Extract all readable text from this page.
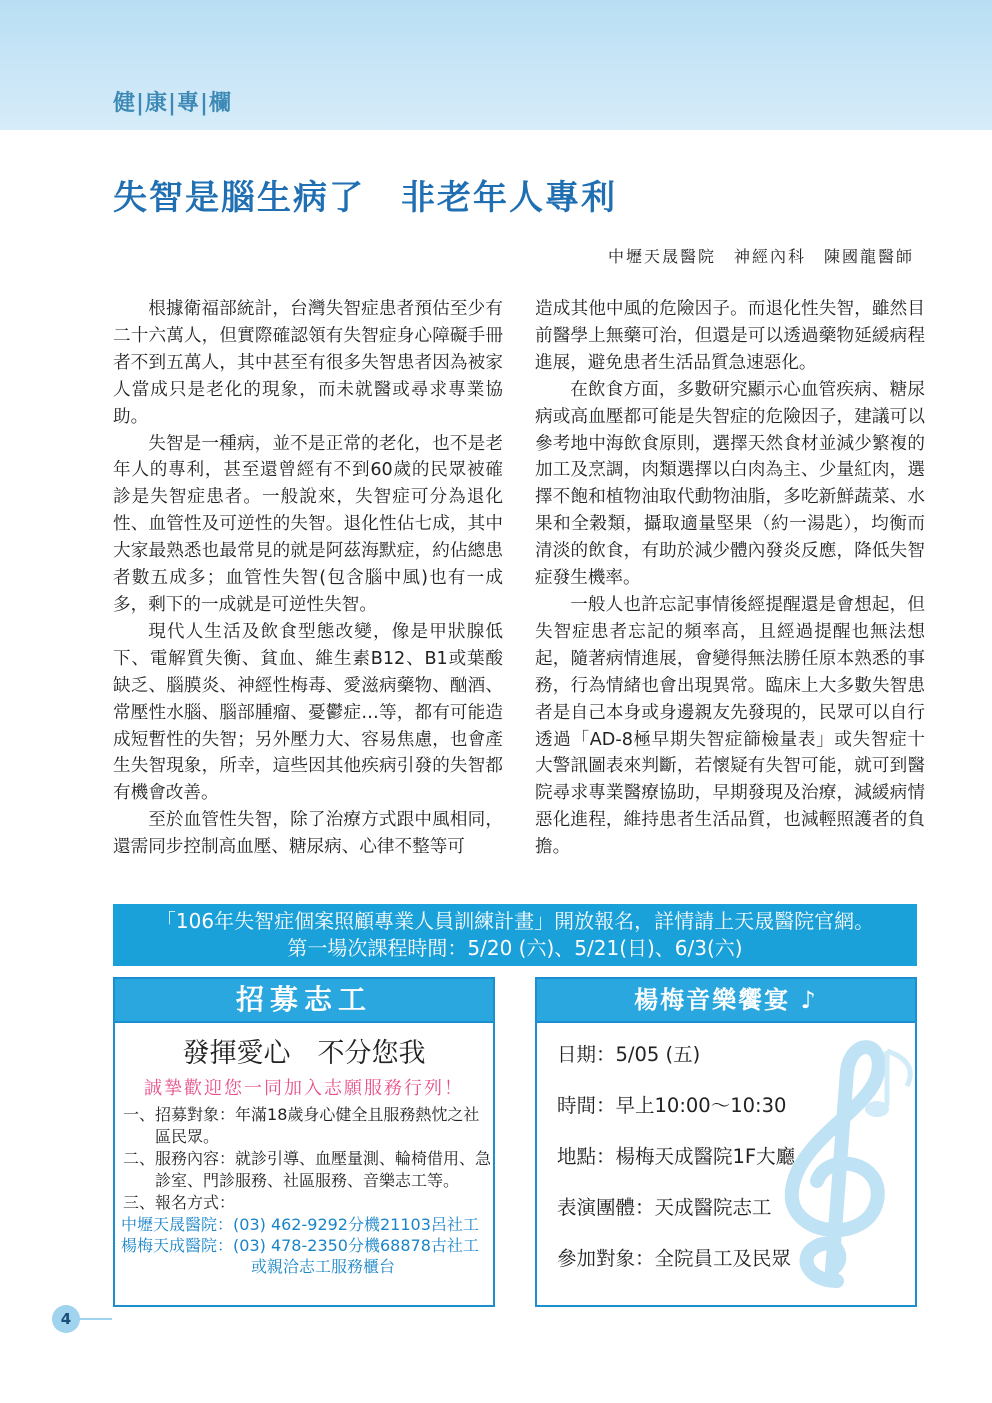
健|康|專|欄
失智是腦生病了　非老年人專利
中壢天晟醫院　神經內科　陳國龍醫師

根據衛福部統計，台灣失智症患者預估至少有二十六萬人，但實際確認領有失智症身心障礙手冊者不到五萬人，其中甚至有很多失智患者因為被家人當成只是老化的現象，而未就醫或尋求專業協助。

失智是一種病，並不是正常的老化，也不是老年人的專利，甚至還曾經有不到60歲的民眾被確診是失智症患者。一般說來，失智症可分為退化性、血管性及可逆性的失智。退化性佔七成，其中大家最熟悉也最常見的就是阿茲海默症，約佔總患者數五成多；血管性失智(包含腦中風)也有一成多，剩下的一成就是可逆性失智。

現代人生活及飲食型態改變，像是甲狀腺低下、電解質失衡、貧血、維生素B12、B1或葉酸缺乏、腦膜炎、神經性梅毒、愛滋病藥物、酗酒、常壓性水腦、腦部腫瘤、憂鬱症…等，都有可能造成短暫性的失智；另外壓力大、容易焦慮，也會產生失智現象，所幸，這些因其他疾病引發的失智都有機會改善。

至於血管性失智，除了治療方式跟中風相同，還需同步控制高血壓、糖尿病、心律不整等可

造成其他中風的危險因子。而退化性失智，雖然目前醫學上無藥可治，但還是可以透過藥物延緩病程進展，避免患者生活品質急速惡化。

在飲食方面，多數研究顯示心血管疾病、糖尿病或高血壓都可能是失智症的危險因子，建議可以參考地中海飲食原則，選擇天然食材並減少繁複的加工及烹調，肉類選擇以白肉為主、少量紅肉，選擇不飽和植物油取代動物油脂，多吃新鮮蔬菜、水果和全穀類，攝取適量堅果（約一湯匙），均衡而清淡的飲食，有助於減少體內發炎反應，降低失智症發生機率。

一般人也許忘記事情後經提醒還是會想起，但失智症患者忘記的頻率高，且經過提醒也無法想起，隨著病情進展，會變得無法勝任原本熟悉的事務，行為情緒也會出現異常。臨床上大多數失智患者是自己本身或身邊親友先發現的，民眾可以自行透過「AD-8極早期失智症篩檢量表」或失智症十大警訊圖表來判斷，若懷疑有失智可能，就可到醫院尋求專業醫療協助，早期發現及治療，減緩病情惡化進程，維持患者生活品質，也減輕照護者的負擔。

「106年失智症個案照顧專業人員訓練計畫」開放報名，詳情請上天晟醫院官網。
第一場次課程時間：5/20 (六)、5/21(日)、6/3(六)
招募志工
發揮愛心　不分您我
誠摯歡迎您一同加入志願服務行列！
一、 招募對象：年滿18歲身心健全且服務熱忱之社區民眾。
二、 服務內容：就診引導、血壓量測、輪椅借用、急診室、門診服務、社區服務、音樂志工等。
三、 報名方式：
中壢天晟醫院： (03) 462-9292分機21103呂社工
楊梅天成醫院： (03) 478-2350分機68878古社工
或親洽志工服務櫃台
楊梅音樂饗宴 ♪
日期：5/05 (五)
時間：早上10:00～10:30
地點：楊梅天成醫院1F大廳
表演團體：天成醫院志工
參加對象：全院員工及民眾
4
